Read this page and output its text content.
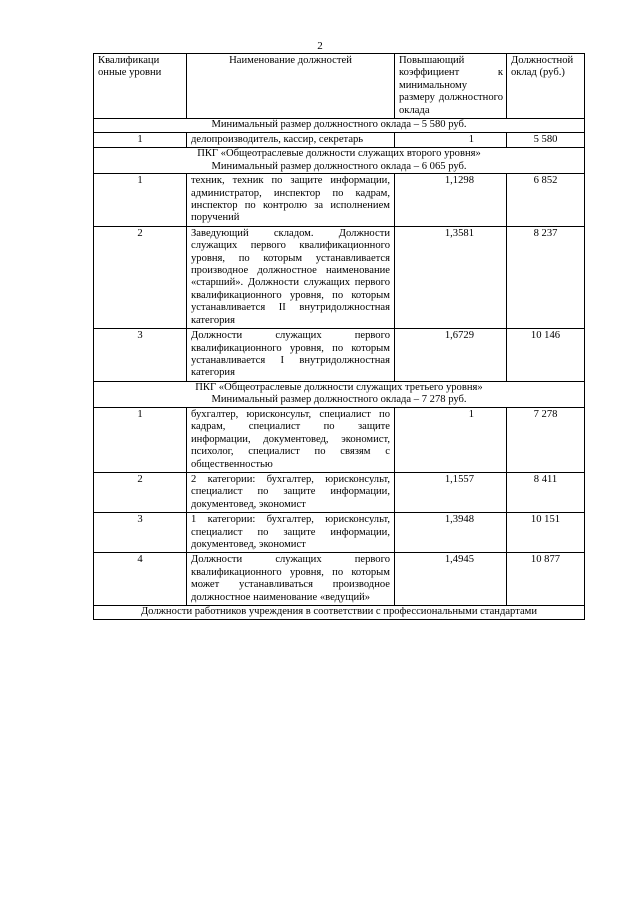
2
Квалификаци онные уровни	Наименование должностей	Повышающий коэффициент к минимальному размеру должностного оклада	Должностной оклад (руб.)

Минимальный размер должностного оклада – 5 580 руб.			

1	делопроизводитель, кассир, секретарь	1	5 580

ПКГ «Общеотраслевые должности служащих второго уровня»
Минимальный размер должностного оклада – 6 065 руб.			

1	техник, техник по защите информации, администратор, инспектор по кадрам, инспектор по контролю за исполнением поручений	1,1298	6 852
2	Заведующий складом. Должности служащих первого квалификационного уровня, по которым устанавливается производное должностное наименование «старший». Должности служащих первого квалификационного уровня, по которым устанавливается II внутридолжностная категория	1,3581	8 237
3	Должности служащих первого квалификационного уровня, по которым устанавливается I внутридолжностная категория	1,6729	10 146

ПКГ «Общеотраслевые должности служащих третьего уровня»
Минимальный размер должностного оклада – 7 278 руб.			

1	бухгалтер, юрисконсульт, специалист по кадрам, специалист по защите информации, документовед, экономист, психолог, специалист по связям с общественностью	1	7 278
2	2 категории: бухгалтер, юрисконсульт, специалист по защите информации, документовед, экономист	1,1557	8 411
3	1 категории: бухгалтер, юрисконсульт, специалист по защите информации, документовед, экономист	1,3948	10 151
4	Должности служащих первого квалификационного уровня, по которым может устанавливаться производное должностное наименование «ведущий»	1,4945	10 877
Должности работников учреждения в соответствии с профессиональными стандартами			
